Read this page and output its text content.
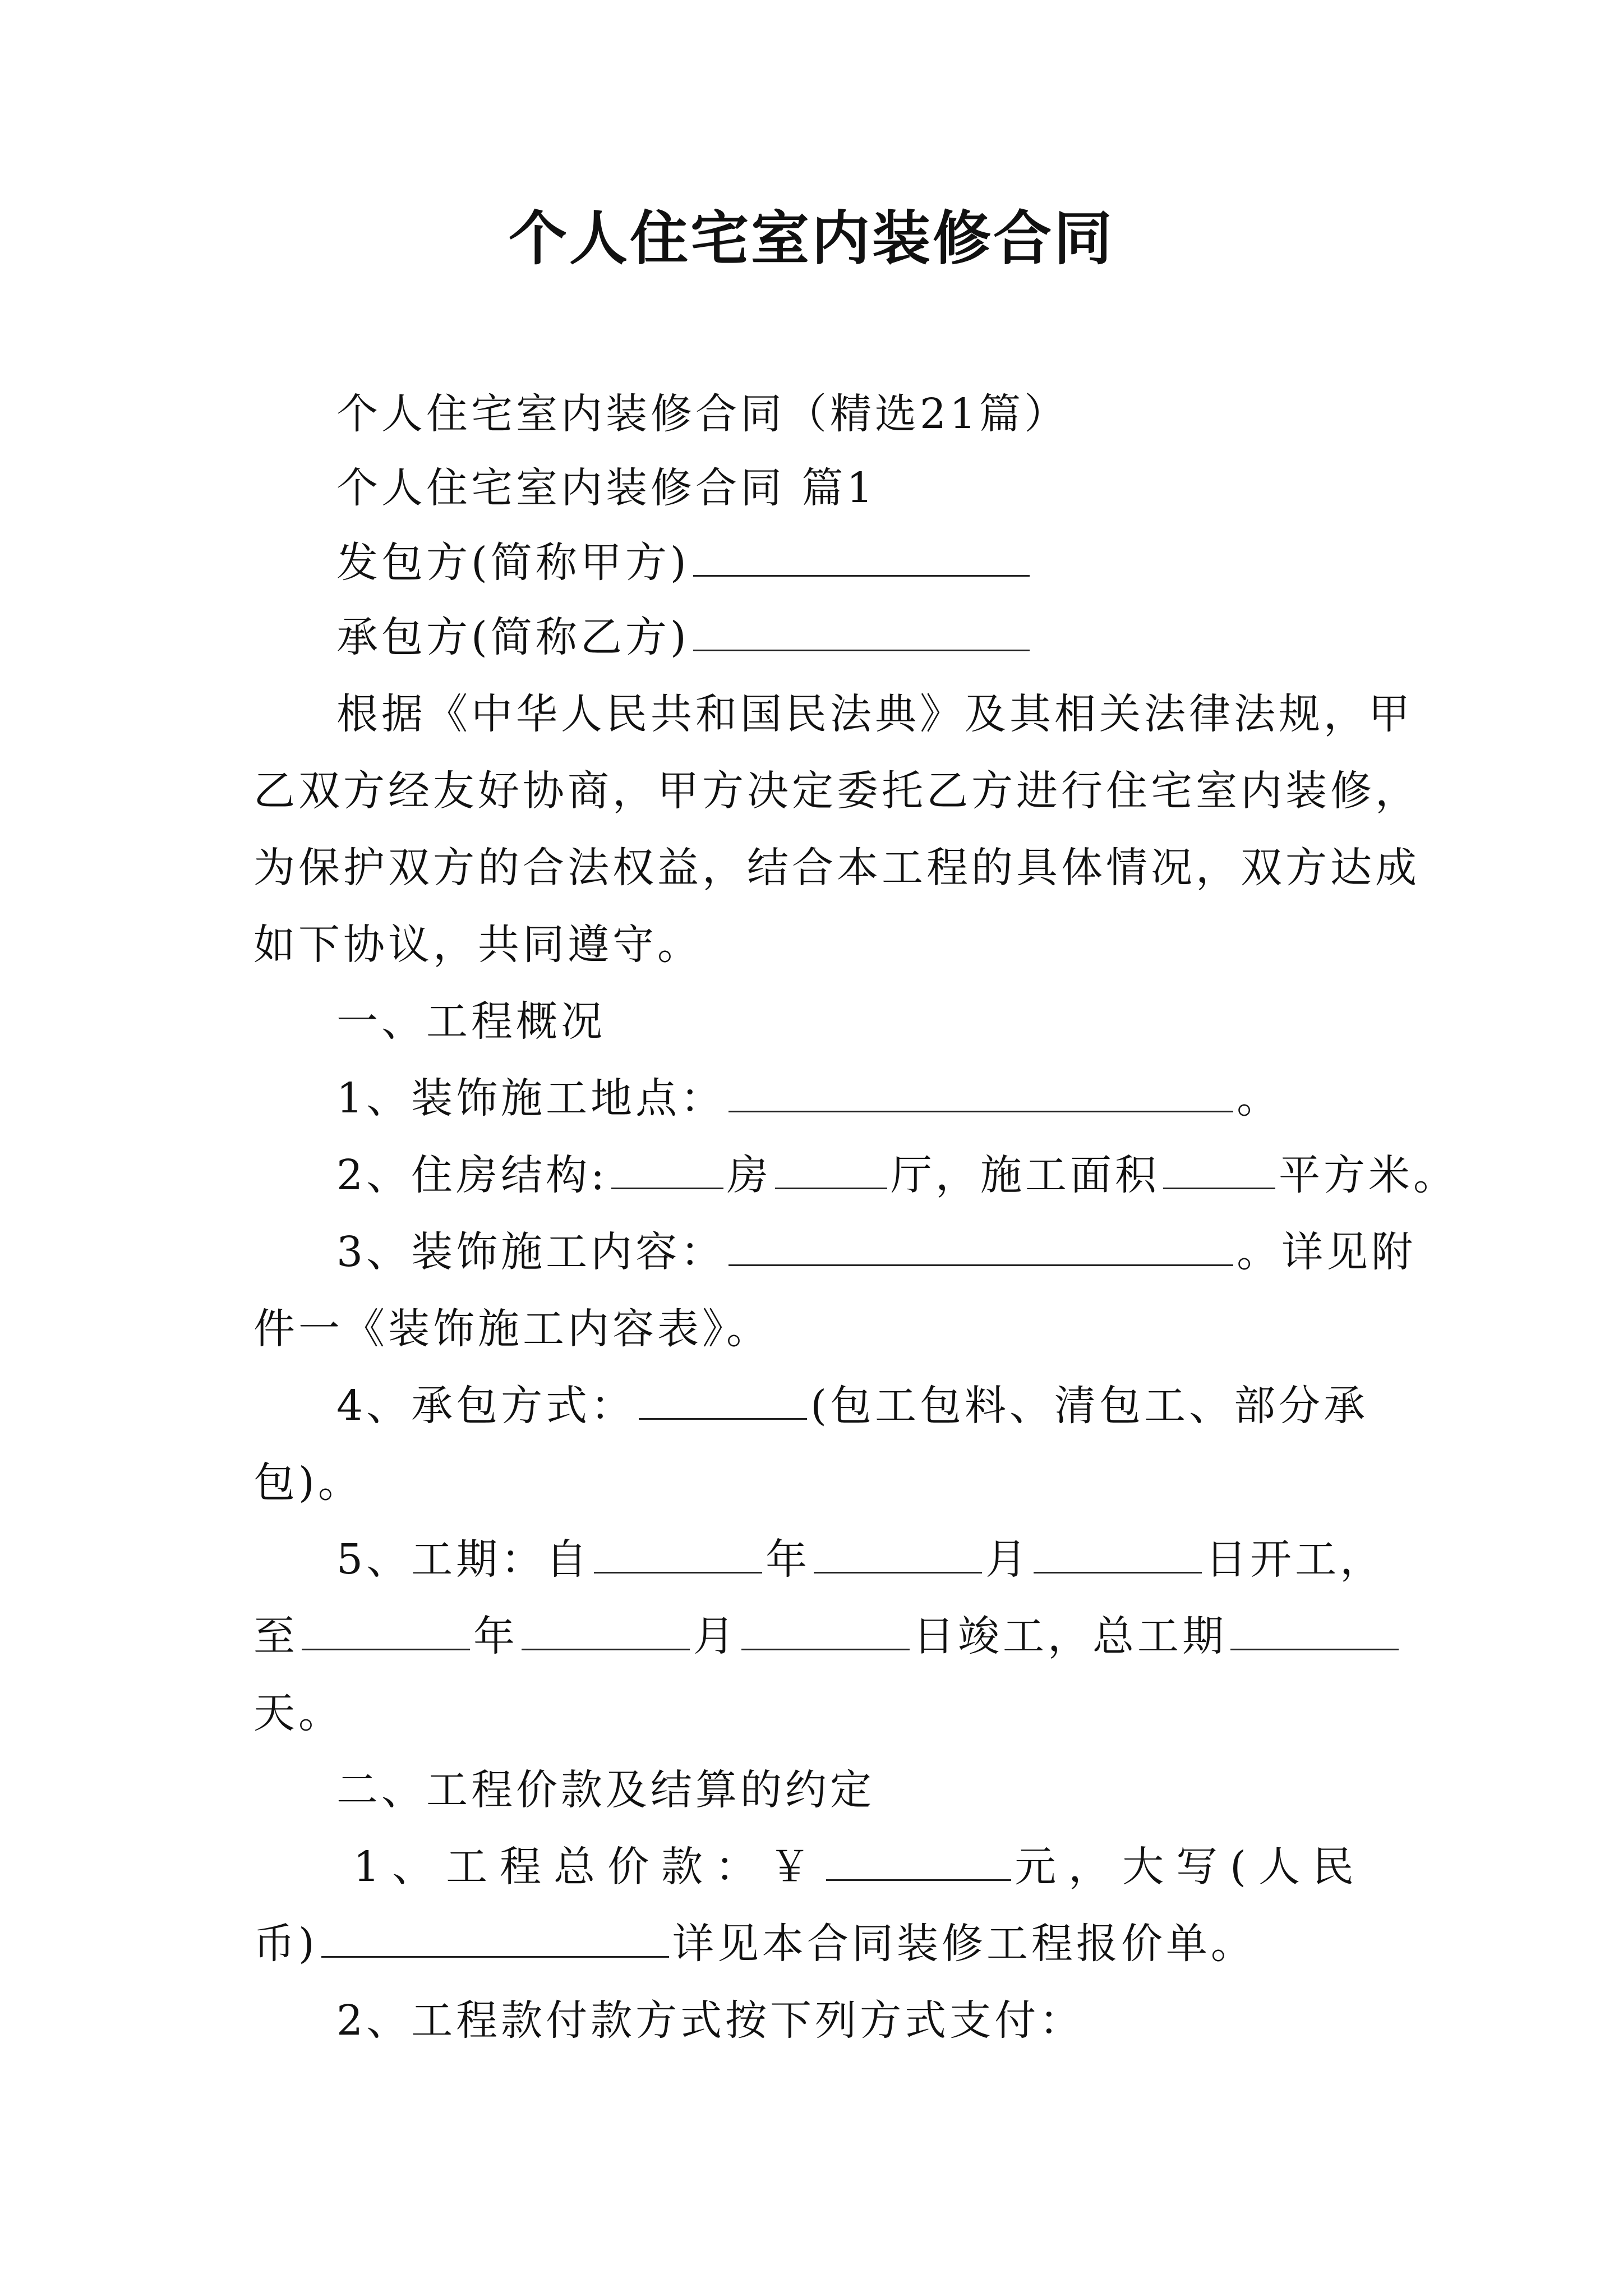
个人住宅室内装修合同
个人住宅室内装修合同（精选21篇）
个人住宅室内装修合同 篇1
发包方(简称甲方)
承包方(简称乙方)
根据《中华人民共和国民法典》及其相关法律法规，甲
乙双方经友好协商，甲方决定委托乙方进行住宅室内装修，
为保护双方的合法权益，结合本工程的具体情况，双方达成
如下协议，共同遵守。
一、工程概况
1、装饰施工地点：	。
2、住房结构:	房	厅，施工面积	平方米。
3、装饰施工内容：	。详见附
件一《装饰施工内容表》。
4、承包方式：	(包工包料、清包工、部分承
包)。
5、工期：自	年	月	日开工，
至	年	月	日竣工，总工期
天。
二、工程价款及结算的约定
1、工程总价款：￥	元，大写(人民
币)	详见本合同装修工程报价单。
2、工程款付款方式按下列方式支付：
